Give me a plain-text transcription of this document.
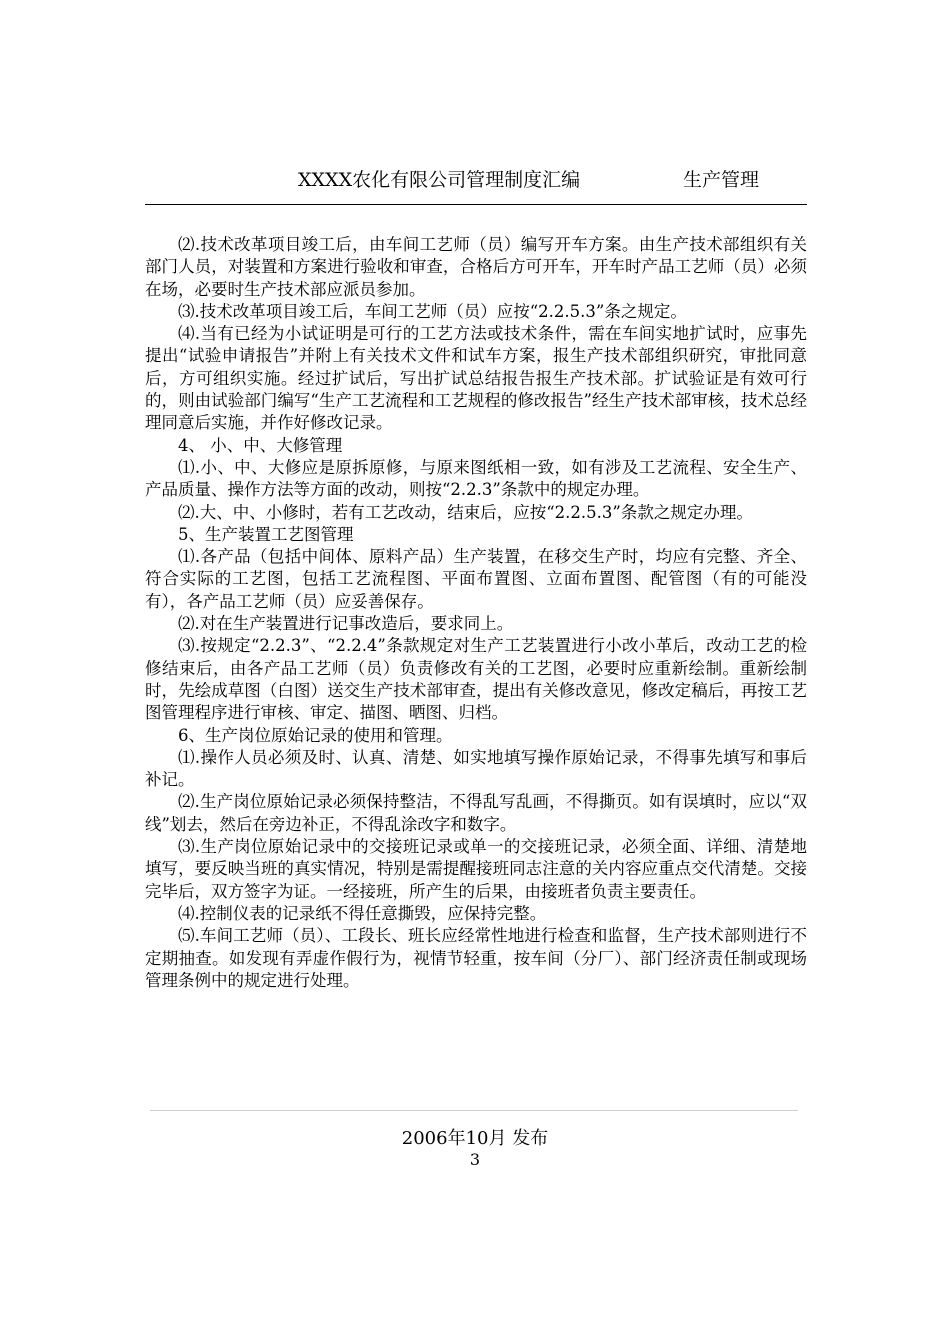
XXXX农化有限公司管理制度汇编	生产管理

⑵.技术改革项目竣工后，由车间工艺师（员）编写开车方案。由生产技术部组织有关部门人员，对装置和方案进行验收和审查，合格后方可开车，开车时产品工艺师（员）必须在场，必要时生产技术部应派员参加。

⑶.技术改革项目竣工后，车间工艺师（员）应按“2.2.5.3”条之规定。

⑷.当有已经为小试证明是可行的工艺方法或技术条件，需在车间实地扩试时，应事先提出“试验申请报告”并附上有关技术文件和试车方案，报生产技术部组织研究，审批同意后，方可组织实施。经过扩试后，写出扩试总结报告报生产技术部。扩试验证是有效可行的，则由试验部门编写“生产工艺流程和工艺规程的修改报告”经生产技术部审核，技术总经理同意后实施，并作好修改记录。

4、 小、中、大修管理

⑴.小、中、大修应是原拆原修，与原来图纸相一致，如有涉及工艺流程、安全生产、产品质量、操作方法等方面的改动，则按“2.2.3”条款中的规定办理。

⑵.大、中、小修时，若有工艺改动，结束后，应按“2.2.5.3”条款之规定办理。

5、生产装置工艺图管理

⑴.各产品（包括中间体、原料产品）生产装置，在移交生产时，均应有完整、齐全、符合实际的工艺图，包括工艺流程图、平面布置图、立面布置图、配管图（有的可能没有），各产品工艺师（员）应妥善保存。

⑵.对在生产装置进行记事改造后，要求同上。

⑶.按规定“2.2.3”、“2.2.4”条款规定对生产工艺装置进行小改小革后，改动工艺的检修结束后，由各产品工艺师（员）负责修改有关的工艺图，必要时应重新绘制。重新绘制时，先绘成草图（白图）送交生产技术部审查，提出有关修改意见，修改定稿后，再按工艺图管理程序进行审核、审定、描图、晒图、归档。

6、生产岗位原始记录的使用和管理。

⑴.操作人员必须及时、认真、清楚、如实地填写操作原始记录，不得事先填写和事后补记。

⑵.生产岗位原始记录必须保持整洁，不得乱写乱画，不得撕页。如有误填时，应以“双线”划去，然后在旁边补正，不得乱涂改字和数字。

⑶.生产岗位原始记录中的交接班记录或单一的交接班记录，必须全面、详细、清楚地填写，要反映当班的真实情况，特别是需提醒接班同志注意的关内容应重点交代清楚。交接完毕后，双方签字为证。一经接班，所产生的后果，由接班者负责主要责任。

⑷.控制仪表的记录纸不得任意撕毁，应保持完整。

⑸.车间工艺师（员）、工段长、班长应经常性地进行检查和监督，生产技术部则进行不定期抽查。如发现有弄虚作假行为，视情节轻重，按车间（分厂）、部门经济责任制或现场管理条例中的规定进行处理。

2006年10月 发布
3
